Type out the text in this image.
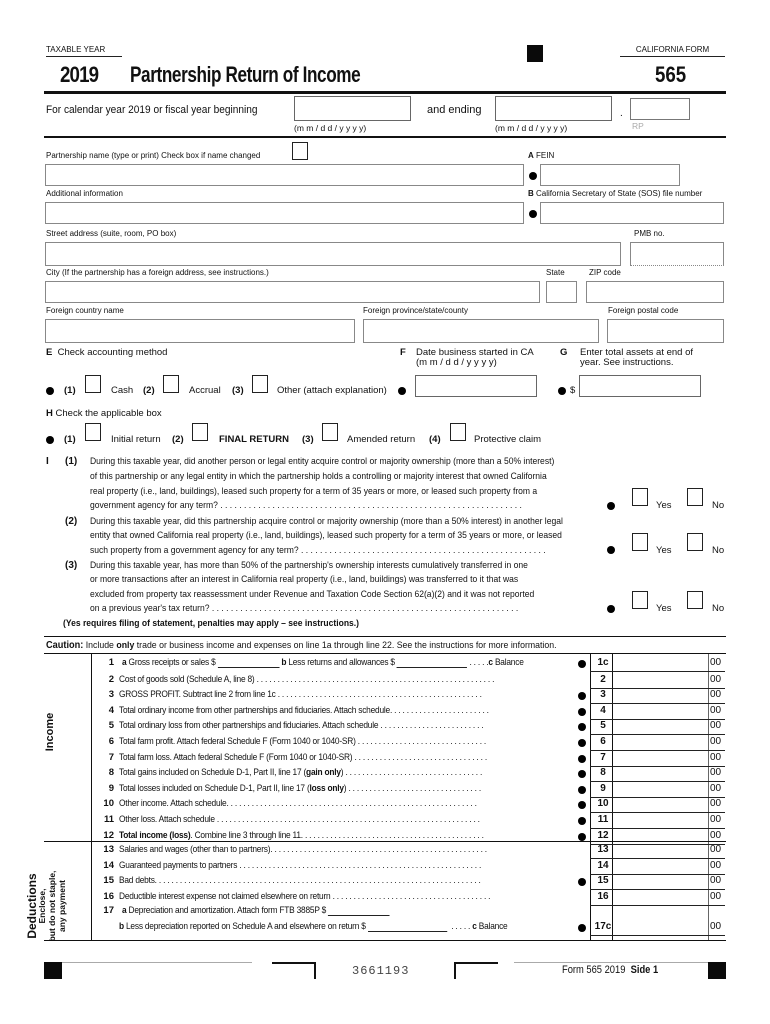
TAXABLE YEAR	CALIFORNIA FORM
2019 Partnership Return of Income	565
For calendar year 2019 or fiscal year beginning
(m m / d d / y y y y)
and ending
(m m / d d / y y y y)
.
RP
Partnership name (type or print) Check box if name changed	A FEIN
Additional information	B California Secretary of State (SOS) file number
Street address (suite, room, PO box)	PMB no.
City (If the partnership has a foreign address, see instructions.)	State	ZIP code
Foreign country name	Foreign province/state/county	Foreign postal code
E Check accounting method	F Date business started in CA
(m m / d d / y y y y)
G Enter total assets at end of
year. See instructions.
(1)	Cash (2)	Accrual (3)	Other (attach explanation)	$
H Check the applicable box
(1)	Initial return (2)	FINAL RETURN (3)	Amended return (4)	Protective claim
I (1) During this taxable year, did another person or legal entity acquire control or majority ownership (more than a 50% interest)
of this partnership or any legal entity in which the partnership holds a controlling or majority interest that owned California
real property (i.e., land, buildings), leased such property for a term of 35 years or more, or leased such property from a
government agency for any term? . . . . . . . . . . . . . . . . . . . . . . . . . . . . . . . . . . . . . . . . . . . . . . . . . . . . . . . . . . . . . . . .	Yes	No
(2) During this taxable year, did this partnership acquire control or majority ownership (more than a 50% interest) in another legal
entity that owned California real property (i.e., land, buildings), leased such property for a term of 35 years or more, or leased
such property from a government agency for any term? . . . . . . . . . . . . . . . . . . . . . . . . . . . . . . . . . . . . . . . . . . . . . . . . . . . .	Yes	No
(3) During this taxable year, has more than 50% of the partnership's ownership interests cumulatively transferred in one
or more transactions after an interest in California real property (i.e., land, buildings) was transferred to it that was
excluded from property tax reassessment under Revenue and Taxation Code Section 62(a)(2) and it was not reported
on a previous year's tax return? . . . . . . . . . . . . . . . . . . . . . . . . . . . . . . . . . . . . . . . . . . . . . . . . . . . . . . . . . . . . . . . . .	Yes	No
(Yes requires filing of statement, penalties may apply – see instructions.)
Caution: Include only trade or business income and expenses on line 1a through line 22. See the instructions for more information.
Income
Deductions
Enclose, but do not staple, any payment
1 a Gross receipts or sales $	b Less returns and allowances $	. . . . .c Balance	1c	00
2 Cost of goods sold (Schedule A, line 8) . . . . . . . . . . . . . . . . . . . . . . . . . . . . . . . . . . . . . . . . . . . . . . . . . . . . . . . . .	2	00
3 GROSS PROFIT. Subtract line 2 from line 1c . . . . . . . . . . . . . . . . . . . . . . . . . . . . . . . . . . . . . . . . . . . . . . . . .	3	00
4 Total ordinary income from other partnerships and fiduciaries. Attach schedule. . . . . . . . . . . . . . . . . . . . . . . .	4	00
5 Total ordinary loss from other partnerships and fiduciaries. Attach schedule . . . . . . . . . . . . . . . . . . . . . . . . .	5	00
6 Total farm profit. Attach federal Schedule F (Form 1040 or 1040-SR) . . . . . . . . . . . . . . . . . . . . . . . . . . . . . . .	6	00
7 Total farm loss. Attach federal Schedule F (Form 1040 or 1040-SR) . . . . . . . . . . . . . . . . . . . . . . . . . . . . . . . .	7	00
8 Total gains included on Schedule D-1, Part II, line 17 (gain only) . . . . . . . . . . . . . . . . . . . . . . . . . . . . . . . . .	8	00
9 Total losses included on Schedule D-1, Part II, line 17 (loss only) . . . . . . . . . . . . . . . . . . . . . . . . . . . . . . . .	9	00
10 Other income. Attach schedule. . . . . . . . . . . . . . . . . . . . . . . . . . . . . . . . . . . . . . . . . . . . . . . . . . . . . . . . . . . .	10	00
11 Other loss. Attach schedule . . . . . . . . . . . . . . . . . . . . . . . . . . . . . . . . . . . . . . . . . . . . . . . . . . . . . . . . . . . . . . .	11	00
12 Total income (loss). Combine line 3 through line 11. . . . . . . . . . . . . . . . . . . . . . . . . . . . . . . . . . . . . . . . . . . .	12	00
13 Salaries and wages (other than to partners). . . . . . . . . . . . . . . . . . . . . . . . . . . . . . . . . . . . . . . . . . . . . . . . . . . .	13	00
14 Guaranteed payments to partners . . . . . . . . . . . . . . . . . . . . . . . . . . . . . . . . . . . . . . . . . . . . . . . . . . . . . . . . . .	14	00
15 Bad debts. . . . . . . . . . . . . . . . . . . . . . . . . . . . . . . . . . . . . . . . . . . . . . . . . . . . . . . . . . . . . . . . . . . . . . . . . . . . . .	15	00
16 Deductible interest expense not claimed elsewhere on return . . . . . . . . . . . . . . . . . . . . . . . . . . . . . . . . . . . . . .	16	00
17 a Depreciation and amortization. Attach form FTB 3885P $
b Less depreciation reported on Schedule A and elsewhere on return $	. . . . . c Balance	17c	00
3661193	Form 565 2019 Side 1
